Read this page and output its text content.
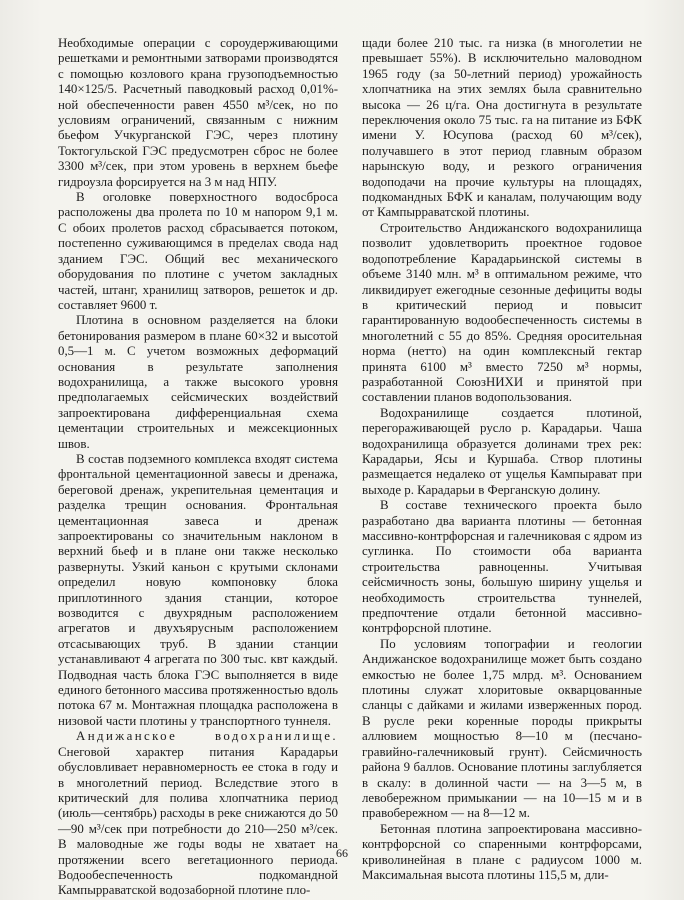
Необходимые операции с сороудерживающими решетками и ремонтными затворами производятся с помощью козлового крана грузоподъемностью 140×125/5. Расчетный паводковый расход 0,01%-ной обеспеченности равен 4550 м³/сек, но по условиям ограничений, связанным с нижним бьефом Учкурганской ГЭС, через плотину Токтогульской ГЭС предусмотрен сброс не более 3300 м³/сек, при этом уровень в верхнем бьефе гидроузла форсируется на 3 м над НПУ.

В оголовке поверхностного водосброса расположены два пролета по 10 м напором 9,1 м. С обоих пролетов расход сбрасывается потоком, постепенно суживающимся в пределах свода над зданием ГЭС. Общий вес механического оборудования по плотине с учетом закладных частей, штанг, хранилищ затворов, решеток и др. составляет 9600 т.

Плотина в основном разделяется на блоки бетонирования размером в плане 60×32 и высотой 0,5—1 м. С учетом возможных деформаций основания в результате заполнения водохранилища, а также высокого уровня предполагаемых сейсмических воздействий запроектирована дифференциальная схема цементации строительных и межсекционных швов.

В состав подземного комплекса входят система фронтальной цементационной завесы и дренажа, береговой дренаж, укрепительная цементация и разделка трещин основания. Фронтальная цементационная завеса и дренаж запроектированы со значительным наклоном в верхний бьеф и в плане они также несколько развернуты. Узкий каньон с крутыми склонами определил новую компоновку блока приплотинного здания станции, которое возводится с двухрядным расположением агрегатов и двухъярусным расположением отсасывающих труб. В здании станции устанавливают 4 агрегата по 300 тыс. квт каждый. Подводная часть блока ГЭС выполняется в виде единого бетонного массива протяженностью вдоль потока 67 м. Монтажная площадка расположена в низовой части плотины у транспортного туннеля.

Андижанское водохранилище. Снеговой характер питания Карадарьи обусловливает неравномерность ее стока в году и в многолетний период. Вследствие этого в критический для полива хлопчатника период (июль—сентябрь) расходы в реке снижаются до 50—90 м³/сек при потребности до 210—250 м³/сек. В маловодные же годы воды не хватает на протяжении всего вегетационного периода. Водообеспеченность подкомандной Кампырраватской водозаборной плотине пло-

щади более 210 тыс. га низка (в многолетии не превышает 55%). В исключительно маловодном 1965 году (за 50-летний период) урожайность хлопчатника на этих землях была сравнительно высока — 26 ц/га. Она достигнута в результате переключения около 75 тыс. га на питание из БФК имени У. Юсупова (расход 60 м³/сек), получавшего в этот период главным образом нарынскую воду, и резкого ограничения водоподачи на прочие культуры на площадях, подкомандных БФК и каналам, получающим воду от Кампырраватской плотины.

Строительство Андижанского водохранилища позволит удовлетворить проектное годовое водопотребление Карадарьинской системы в объеме 3140 млн. м³ в оптимальном режиме, что ликвидирует ежегодные сезонные дефициты воды в критический период и повысит гарантированную водообеспеченность системы в многолетний с 55 до 85%. Средняя оросительная норма (нетто) на один комплексный гектар принята 6100 м³ вместо 7250 м³ нормы, разработанной СоюзНИХИ и принятой при составлении планов водопользования.

Водохранилище создается плотиной, перегораживающей русло р. Карадарьи. Чаша водохранилища образуется долинами трех рек: Карадарьи, Ясы и Куршаба. Створ плотины размещается недалеко от ущелья Кампырават при выходе р. Карадарьи в Ферганскую долину.

В составе технического проекта было разработано два варианта плотины — бетонная массивно-контрфорсная и галечниковая с ядром из суглинка. По стоимости оба варианта строительства равноценны. Учитывая сейсмичность зоны, большую ширину ущелья и необходимость строительства туннелей, предпочтение отдали бетонной массивно-контрфорсной плотине.

По условиям топографии и геологии Андижанское водохранилище может быть создано емкостью не более 1,75 млрд. м³. Основанием плотины служат хлоритовые окварцованные сланцы с дайками и жилами изверженных пород. В русле реки коренные породы прикрыты аллювием мощностью 8—10 м (песчано-гравийно-галечниковый грунт). Сейсмичность района 9 баллов. Основание плотины заглубляется в скалу: в долинной части — на 3—5 м, в левобережном примыкании — на 10—15 м и в правобережном — на 8—12 м.

Бетонная плотина запроектирована массивно-контрфорсной со спаренными контрфорсами, криволинейная в плане с радиусом 1000 м. Максимальная высота плотины 115,5 м, дли-

66
